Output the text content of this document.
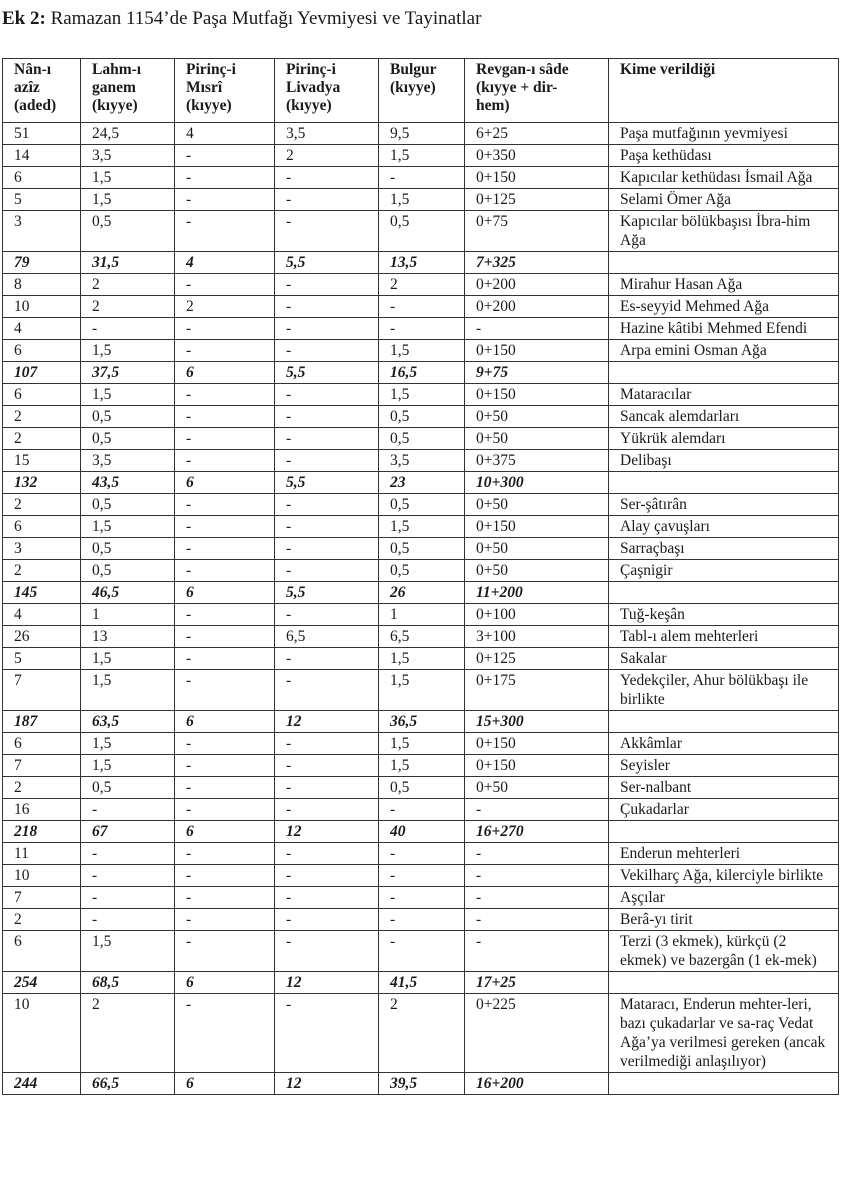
Ek 2: Ramazan 1154’de Paşa Mutfağı Yevmiyesi ve Tayinatlar
Nân-ı
azîz
(aded)	Lahm-ı
ganem
(kıyye)	Pirinç-i
Mısrî
(kıyye)	Pirinç-i
Livadya
(kıyye)	Bulgur
(kıyye)	Revgan-ı sâde
(kıyye + dir-
hem)	Kime verildiği
51	24,5	4	3,5	9,5	6+25	Paşa mutfağının yevmiyesi
14	3,5	-	2	1,5	0+350	Paşa kethüdası
6	1,5	-	-	-	0+150	Kapıcılar kethüdası İsmail Ağa
5	1,5	-	-	1,5	0+125	Selami Ömer Ağa
3	0,5	-	-	0,5	0+75	Kapıcılar bölükbaşısı İbra-him Ağa
79	31,5	4	5,5	13,5	7+325	
8	2	-	-	2	0+200	Mirahur Hasan Ağa
10	2	2	-	-	0+200	Es-seyyid Mehmed Ağa
4	-	-	-	-	-	Hazine kâtibi Mehmed Efendi
6	1,5	-	-	1,5	0+150	Arpa emini Osman Ağa
107	37,5	6	5,5	16,5	9+75	
6	1,5	-	-	1,5	0+150	Mataracılar
2	0,5	-	-	0,5	0+50	Sancak alemdarları
2	0,5	-	-	0,5	0+50	Yükrük alemdarı
15	3,5	-	-	3,5	0+375	Delibaşı
132	43,5	6	5,5	23	10+300	
2	0,5	-	-	0,5	0+50	Ser-şâtırân
6	1,5	-	-	1,5	0+150	Alay çavuşları
3	0,5	-	-	0,5	0+50	Sarraçbaşı
2	0,5	-	-	0,5	0+50	Çaşnigir
145	46,5	6	5,5	26	11+200	
4	1	-	-	1	0+100	Tuğ-keşân
26	13	-	6,5	6,5	3+100	Tabl-ı alem mehterleri
5	1,5	-	-	1,5	0+125	Sakalar
7	1,5	-	-	1,5	0+175	Yedekçiler, Ahur bölükbaşı ile birlikte
187	63,5	6	12	36,5	15+300	
6	1,5	-	-	1,5	0+150	Akkâmlar
7	1,5	-	-	1,5	0+150	Seyisler
2	0,5	-	-	0,5	0+50	Ser-nalbant
16	-	-	-	-	-	Çukadarlar
218	67	6	12	40	16+270	
11	-	-	-	-	-	Enderun mehterleri
10	-	-	-	-	-	Vekilharç Ağa, kilerciyle birlikte
7	-	-	-	-	-	Aşçılar
2	-	-	-	-	-	Berâ-yı tirit
6	1,5	-	-	-	-	Terzi (3 ekmek), kürkçü (2 ekmek) ve bazergân (1 ek-mek)
254	68,5	6	12	41,5	17+25	
10	2	-	-	2	0+225	Mataracı, Enderun mehter-leri, bazı çukadarlar ve sa-raç Vedat Ağa’ya verilmesi gereken (ancak verilmediği anlaşılıyor)
244	66,5	6	12	39,5	16+200	
